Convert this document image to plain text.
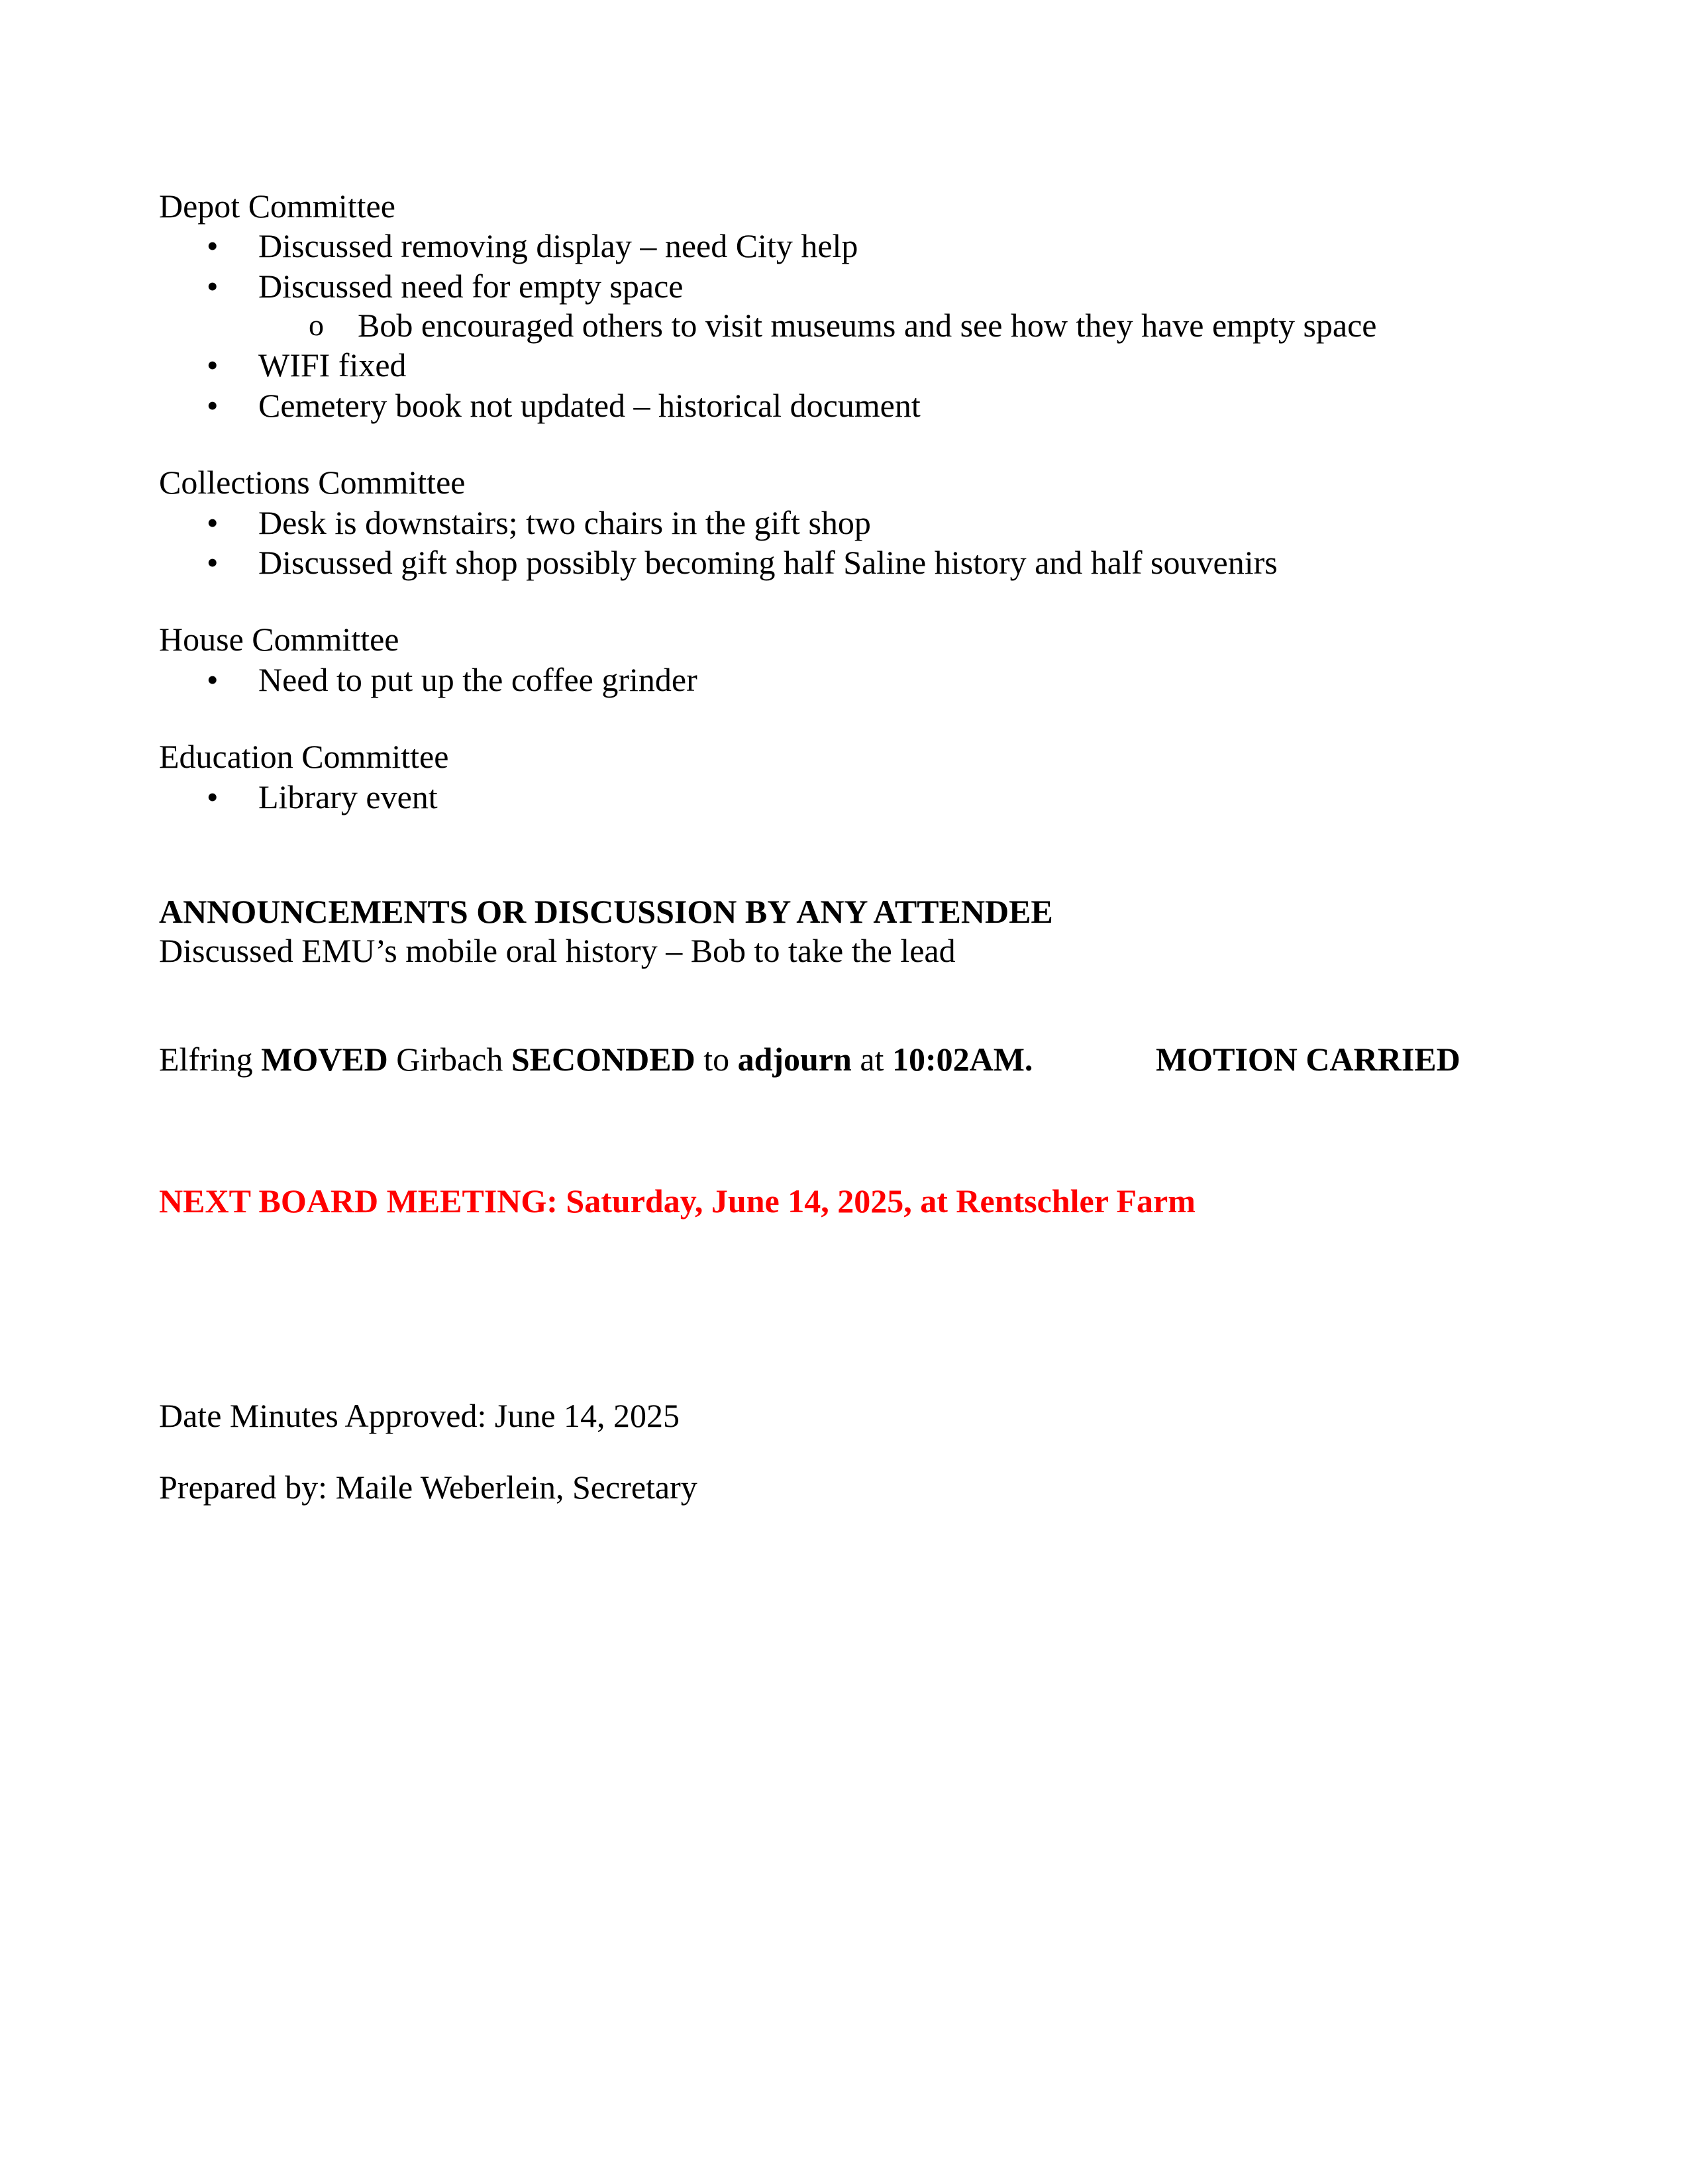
Depot Committee
• Discussed removing display – need City help
• Discussed need for empty space
o Bob encouraged others to visit museums and see how they have empty space
• WIFI fixed
• Cemetery book not updated – historical document
Collections Committee
• Desk is downstairs; two chairs in the gift shop
• Discussed gift shop possibly becoming half Saline history and half souvenirs
House Committee
• Need to put up the coffee grinder
Education Committee
• Library event
ANNOUNCEMENTS OR DISCUSSION BY ANY ATTENDEE
Discussed EMU’s mobile oral history – Bob to take the lead
Elfring MOVED Girbach SECONDED to adjourn at 10:02AM.	MOTION CARRIED
NEXT BOARD MEETING: Saturday, June 14, 2025, at Rentschler Farm
Date Minutes Approved: June 14, 2025
Prepared by: Maile Weberlein, Secretary
